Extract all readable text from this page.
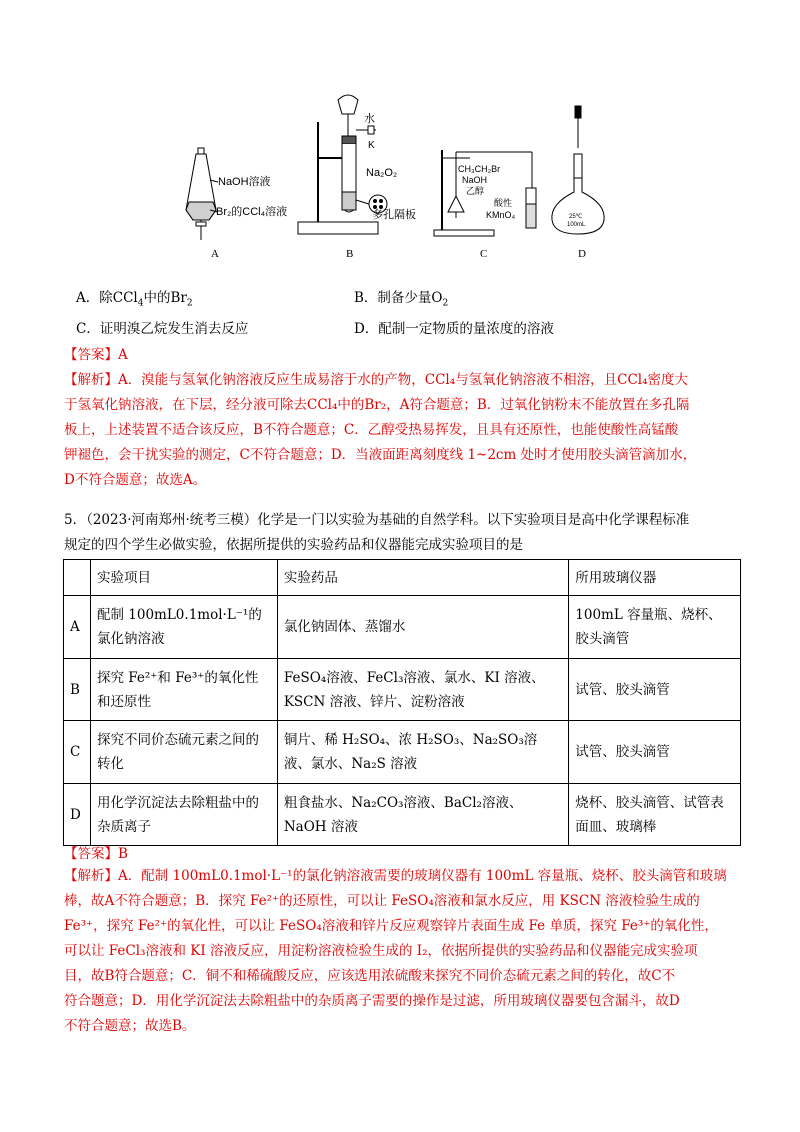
NaOH溶液
Br₂的CCl₄溶液
水
K
Na₂O₂
多孔隔板
CH₃CH₂Br
NaOH
乙醇
酸性
KMnO₄	25℃
100mL
A	B	C	D
A．除CCl$_4$中的$Br_2$	B．制备少量$O_2$
C．证明溴乙烷发生消去反应	D．配制一定物质的量浓度的溶液
【答案】A
【解析】A．溴能与氢氧化钠溶液反应生成易溶于水的产物，CCl₄与氢氧化钠溶液不相溶，且CCl₄密度大
于氢氧化钠溶液，在下层，经分液可除去CCl₄中的Br₂，A符合题意；B．过氧化钠粉末不能放置在多孔隔
板上，上述装置不适合该反应，B不符合题意；C．乙醇受热易挥发，且具有还原性，也能使酸性高锰酸
钾褪色，会干扰实验的测定，C不符合题意；D．当液面距离刻度线 1~2cm 处时才使用胶头滴管滴加水，
D不符合题意；故选A。
5．（2023·河南郑州·统考三模）化学是一门以实验为基础的自然学科。以下实验项目是高中化学课程标准
规定的四个学生必做实验，依据所提供的实验药品和仪器能完成实验项目的是
	实验项目	实验药品	所用玻璃仪器
A	配制 100mL0.1mol·L⁻¹的氯化钠溶液	氯化钠固体、蒸馏水	100mL 容量瓶、烧杯、胶头滴管
B	探究 Fe²⁺和 Fe³⁺的氧化性和还原性	FeSO₄溶液、FeCl₃溶液、氯水、KI 溶液、KSCN 溶液、锌片、淀粉溶液	试管、胶头滴管
C	探究不同价态硫元素之间的转化	铜片、稀 H₂SO₄、浓 H₂SO₃、Na₂SO₃溶液、氯水、Na₂S 溶液	试管、胶头滴管
D	用化学沉淀法去除粗盐中的杂质离子	粗食盐水、Na₂CO₃溶液、BaCl₂溶液、NaOH 溶液	烧杯、胶头滴管、试管表面皿、玻璃棒
【答案】B
【解析】A．配制 100mL0.1mol·L⁻¹的氯化钠溶液需要的玻璃仪器有 100mL 容量瓶、烧杯、胶头滴管和玻璃
棒，故A不符合题意；B．探究 Fe²⁺的还原性，可以让 FeSO₄溶液和氯水反应，用 KSCN 溶液检验生成的
Fe³⁺，探究 Fe²⁺的氧化性，可以让 FeSO₄溶液和锌片反应观察锌片表面生成 Fe 单质，探究 Fe³⁺的氧化性，
可以让 FeCl₃溶液和 KI 溶液反应，用淀粉溶液检验生成的 I₂，依据所提供的实验药品和仪器能完成实验项
目，故B符合题意；C．铜不和稀硫酸反应，应该选用浓硫酸来探究不同价态硫元素之间的转化，故C不
符合题意；D．用化学沉淀法去除粗盐中的杂质离子需要的操作是过滤，所用玻璃仪器要包含漏斗，故D
不符合题意；故选B。
